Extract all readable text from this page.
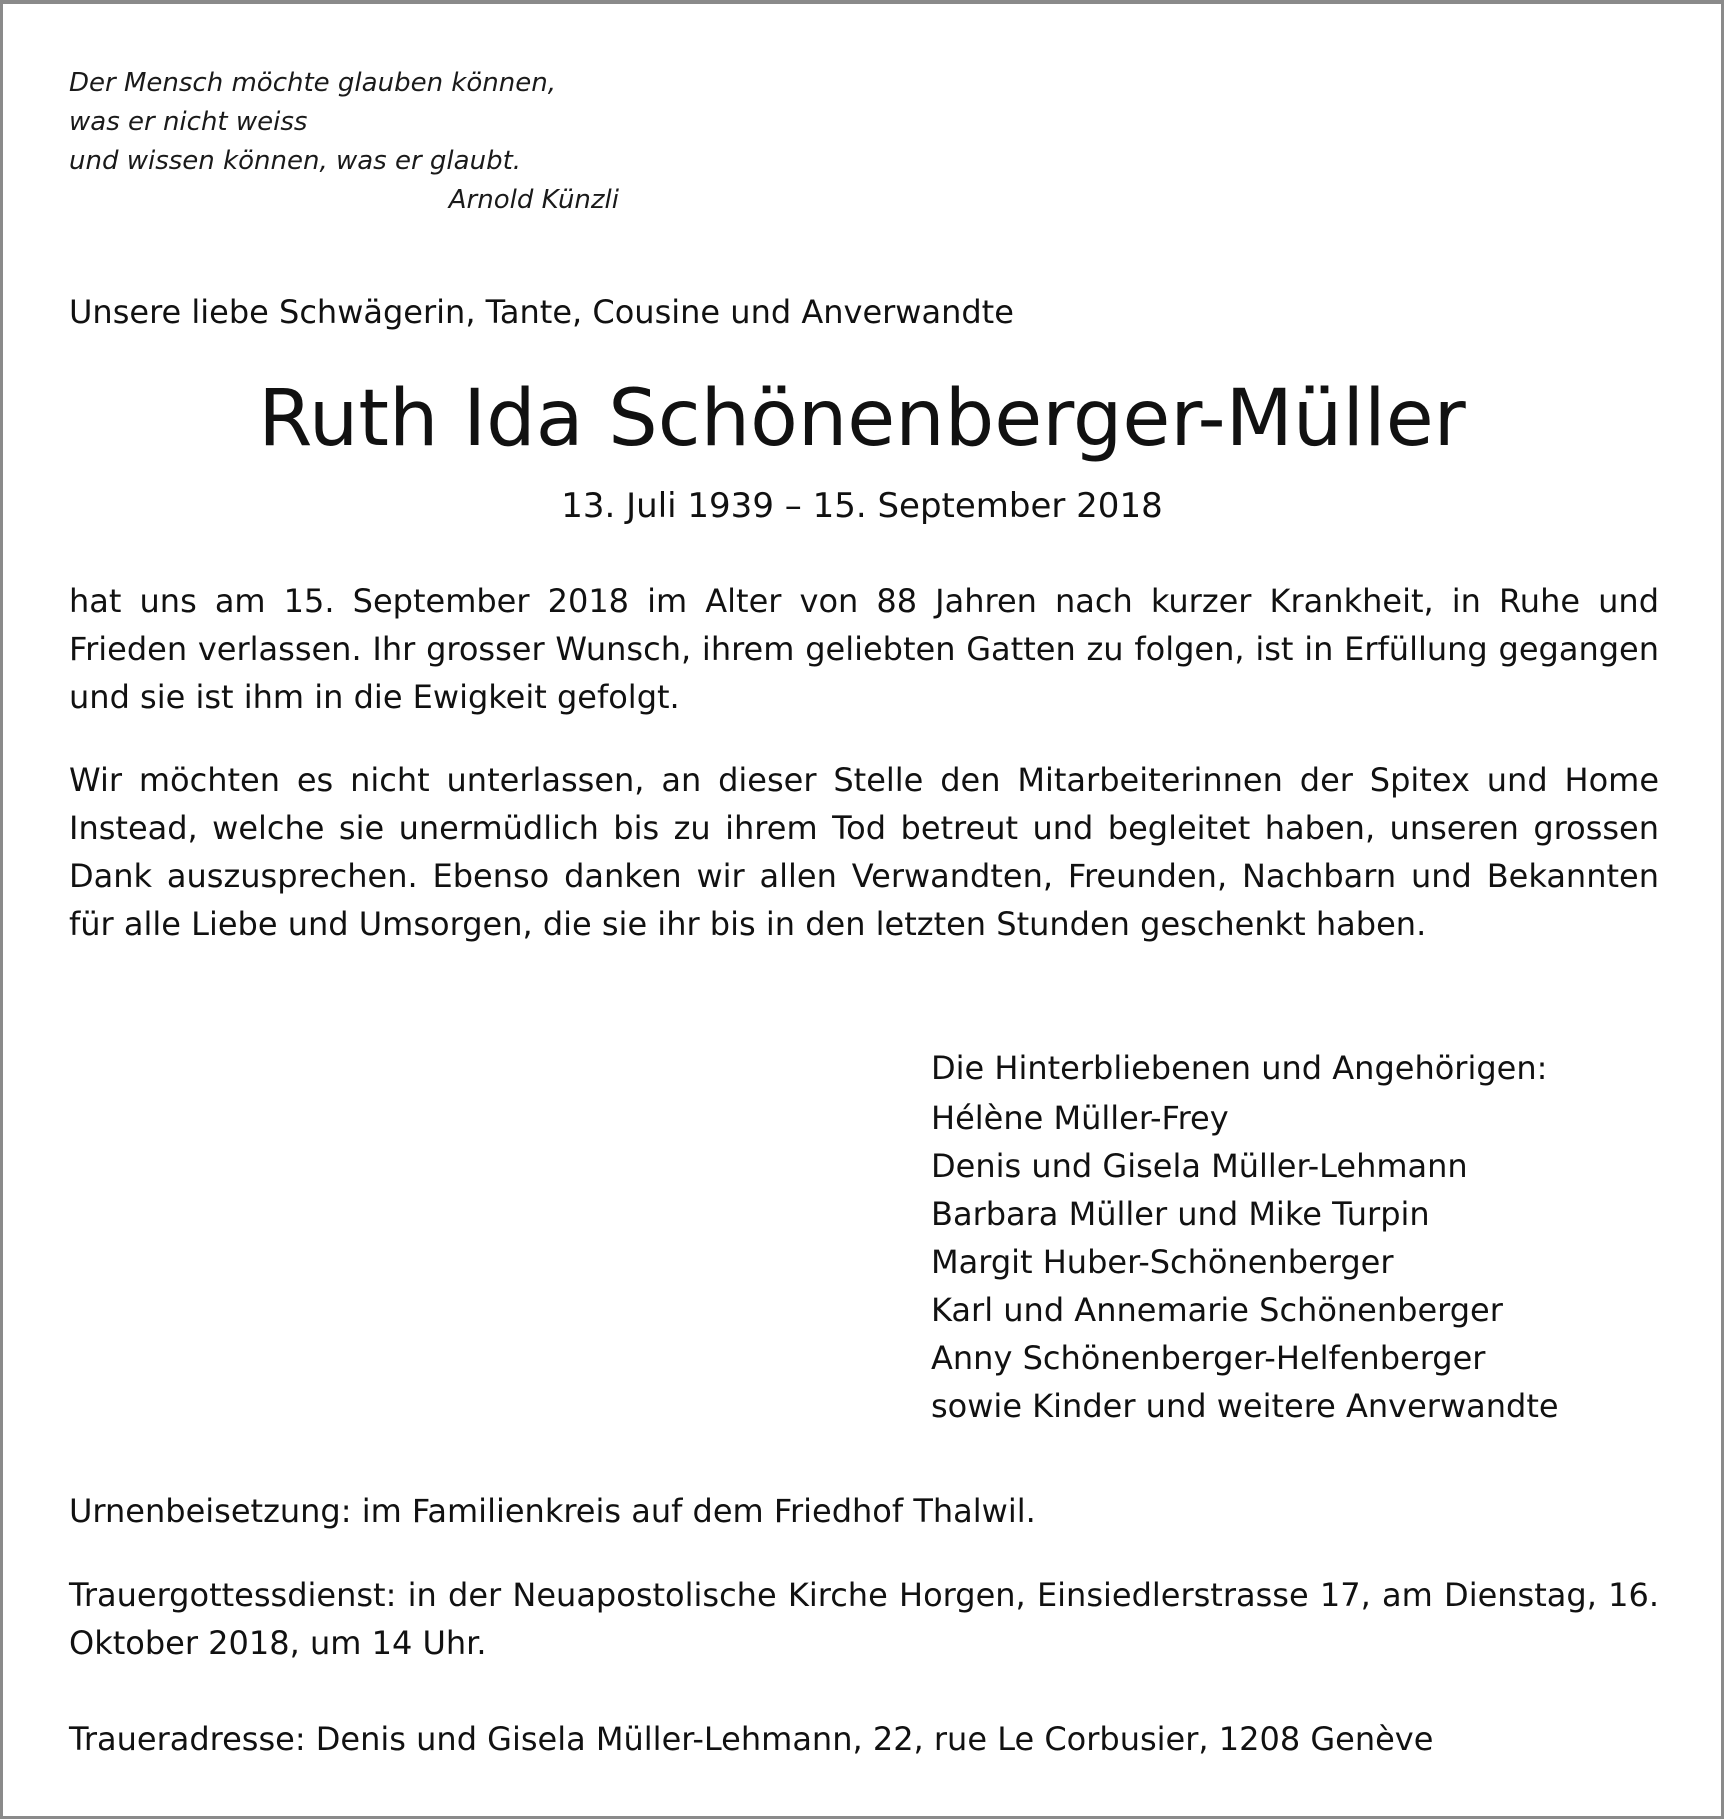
Der Mensch möchte glauben können,
was er nicht weiss
und wissen können, was er glaubt.
Arnold Künzli
Unsere liebe Schwägerin, Tante, Cousine und Anverwandte
Ruth Ida Schönenberger-Müller
13. Juli 1939 – 15. September 2018

hat uns am 15. September 2018 im Alter von 88 Jahren nach kurzer Krankheit, in Ruhe und Frieden verlassen. Ihr grosser Wunsch, ihrem geliebten Gatten zu folgen, ist in Erfüllung gegangen und sie ist ihm in die Ewigkeit gefolgt.

Wir möchten es nicht unterlassen, an dieser Stelle den Mitarbeiterinnen der Spitex und Home Instead, welche sie unermüdlich bis zu ihrem Tod betreut und begleitet haben, unseren grossen Dank auszusprechen. Ebenso danken wir allen Verwandten, Freunden, Nachbarn und Bekannten für alle Liebe und Umsorgen, die sie ihr bis in den letzten Stunden geschenkt haben.

Die Hinterbliebenen und Angehörigen:
Hélène Müller-Frey
Denis und Gisela Müller-Lehmann
Barbara Müller und Mike Turpin
Margit Huber-Schönenberger
Karl und Annemarie Schönenberger
Anny Schönenberger-Helfenberger
sowie Kinder und weitere Anverwandte

Urnenbeisetzung: im Familienkreis auf dem Friedhof Thalwil.

Trauergottessdienst: in der Neuapostolische Kirche Horgen, Einsiedlerstrasse 17, am Dienstag, 16. Oktober 2018, um 14 Uhr.

Traueradresse: Denis und Gisela Müller-Lehmann, 22, rue Le Corbusier, 1208 Genève
